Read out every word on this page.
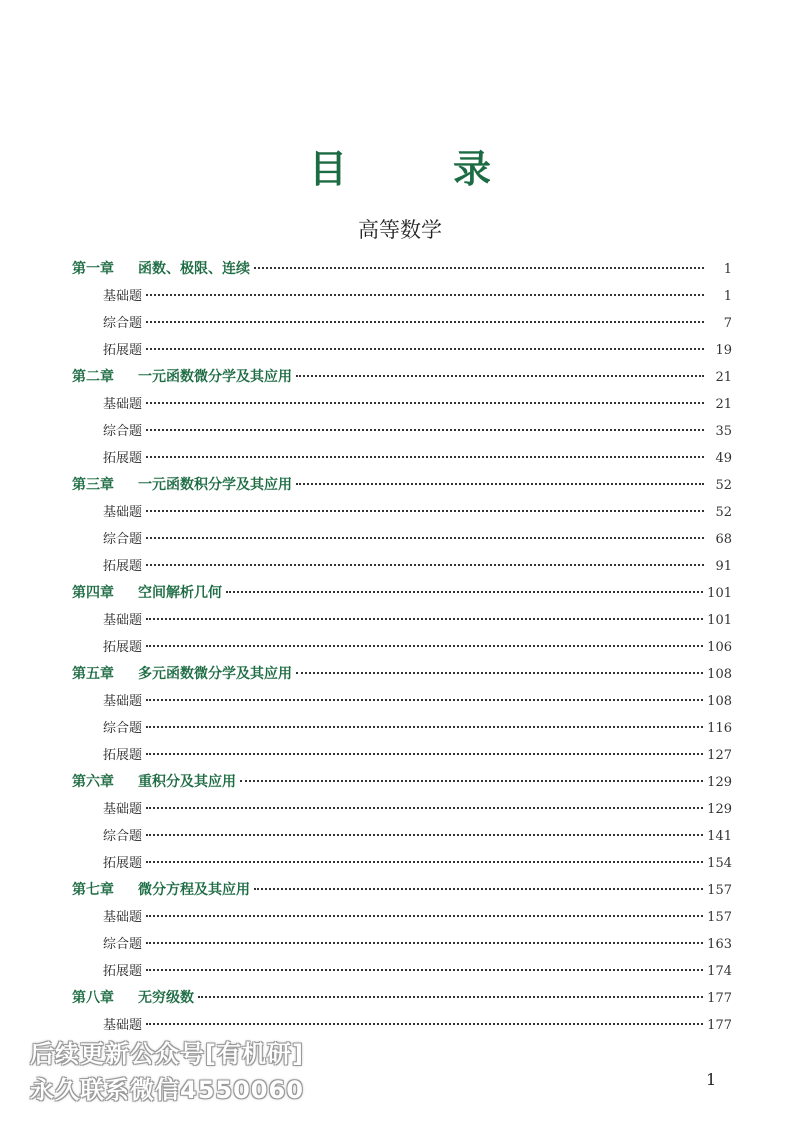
目　录
高等数学
第一章	函数、极限、连续	1
基础题	1
综合题	7
拓展题	19
第二章	一元函数微分学及其应用	21
基础题	21
综合题	35
拓展题	49
第三章	一元函数积分学及其应用	52
基础题	52
综合题	68
拓展题	91
第四章	空间解析几何	101
基础题	101
拓展题	106
第五章	多元函数微分学及其应用	108
基础题	108
综合题	116
拓展题	127
第六章	重积分及其应用	129
基础题	129
综合题	141
拓展题	154
第七章	微分方程及其应用	157
基础题	157
综合题	163
拓展题	174
第八章	无穷级数	177
基础题	177
1
后续更新公众号[有机研]
永久联系微信4550060
